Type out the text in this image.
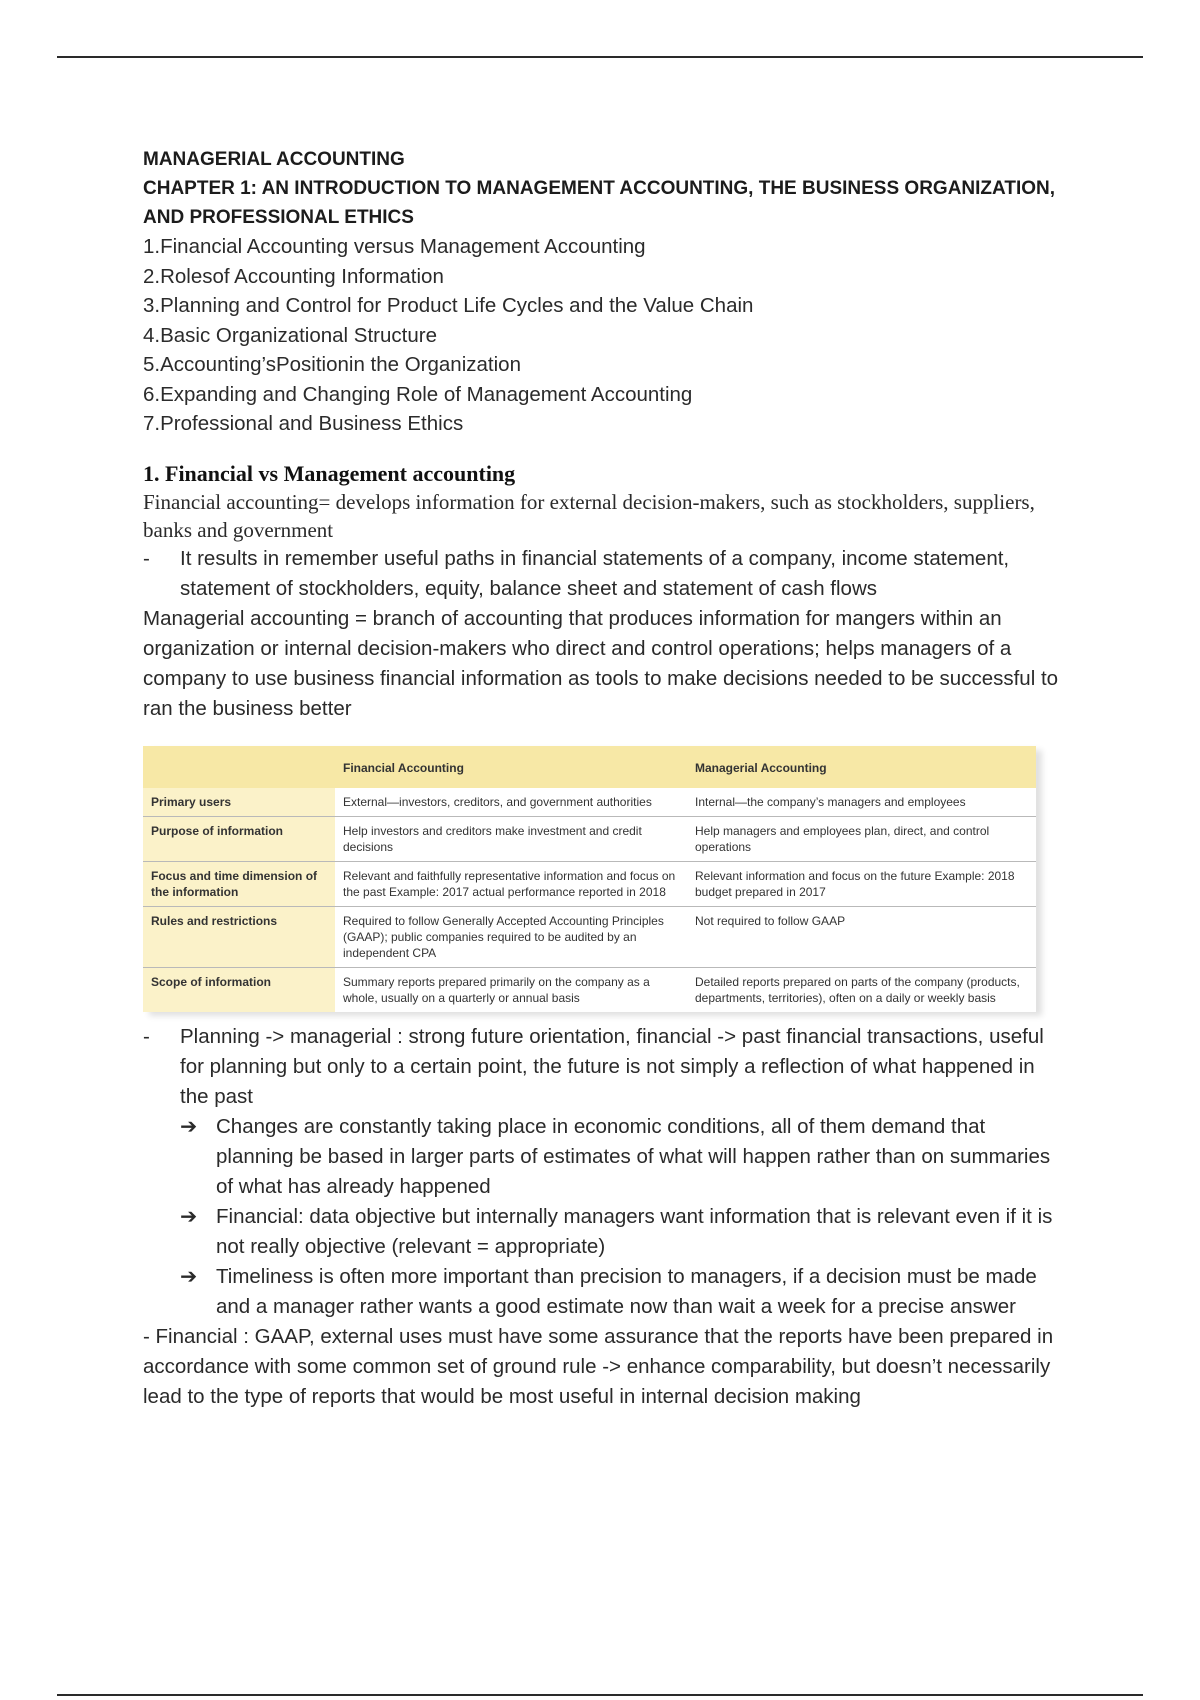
MANAGERIAL ACCOUNTING

CHAPTER 1: AN INTRODUCTION TO MANAGEMENT ACCOUNTING, THE BUSINESS ORGANIZATION, AND PROFESSIONAL ETHICS

1.Financial Accounting versus Management Accounting
2.Rolesof Accounting Information
3.Planning and Control for Product Life Cycles and the Value Chain
4.Basic Organizational Structure
5.Accounting’sPositionin the Organization
6.Expanding and Changing Role of Management Accounting
7.Professional and Business Ethics

1. Financial vs Management accounting

Financial accounting= develops information for external decision-makers, such as stockholders, suppliers, banks and government

- It results in remember useful paths in financial statements of a company, income statement, statement of stockholders, equity, balance sheet and statement of cash flows

Managerial accounting = branch of accounting that produces information for mangers within an organization or internal decision-makers who direct and control operations; helps managers of a company to use business financial information as tools to make decisions needed to be successful to ran the business better

	Financial Accounting	Managerial Accounting
Primary users	External—investors, creditors, and government authorities	Internal—the company’s managers and employees
Purpose of information	Help investors and creditors make investment and credit decisions	Help managers and employees plan, direct, and control operations
Focus and time dimension of the information	Relevant and faithfully representative information and focus on the past Example: 2017 actual performance reported in 2018	Relevant information and focus on the future Example: 2018 budget prepared in 2017
Rules and restrictions	Required to follow Generally Accepted Accounting Principles (GAAP); public companies required to be audited by an independent CPA	Not required to follow GAAP
Scope of information	Summary reports prepared primarily on the company as a whole, usually on a quarterly or annual basis	Detailed reports prepared on parts of the company (products, departments, territories), often on a daily or weekly basis

- Planning -> managerial : strong future orientation, financial -> past financial transactions, useful for planning but only to a certain point, the future is not simply a reflection of what happened in the past

➔ Changes are constantly taking place in economic conditions, all of them demand that planning be based in larger parts of estimates of what will happen rather than on summaries of what has already happened

➔ Financial: data objective but internally managers want information that is relevant even if it is not really objective (relevant = appropriate)

➔ Timeliness is often more important than precision to managers, if a decision must be made and a manager rather wants a good estimate now than wait a week for a precise answer

- Financial : GAAP, external uses must have some assurance that the reports have been prepared in accordance with some common set of ground rule -> enhance comparability, but doesn’t necessarily lead to the type of reports that would be most useful in internal decision making
